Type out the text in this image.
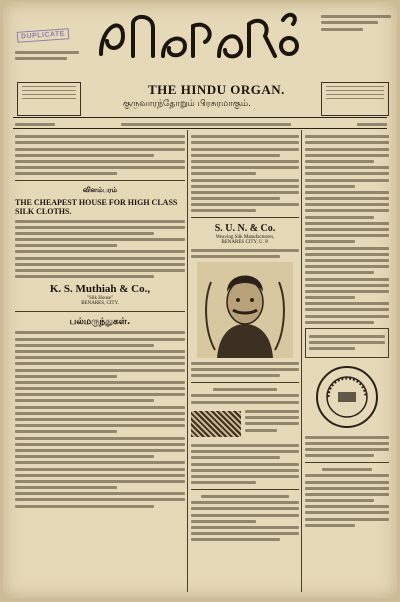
DUPLICATE
THE HINDU ORGAN.
குருவாரந்தோறும் பிரசுரமாகும்.
விளம்பரம்
THE CHEAPEST HOUSE FOR HIGH CLASS SILK CLOTHS.
K. S. Muthiah & Co.,
"Silk House"
BENARES, CITY.
பல்மருந்துகள்.
S. U. N. & Co.
Weaving Silk Manufacturers,
BENARES CITY, U. P.
